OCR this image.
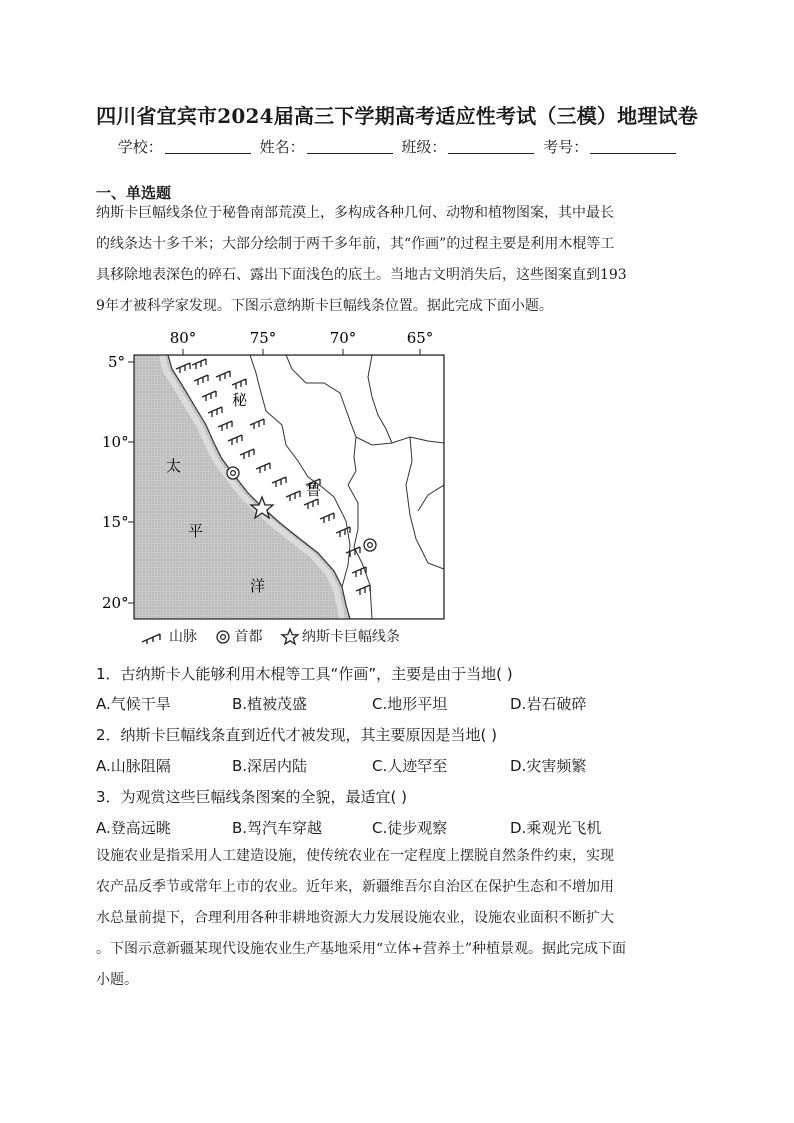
四川省宜宾市2024届高三下学期高考适应性考试（三模）地理试卷
学校：	姓名：	班级：	考号：
一、单选题
纳斯卡巨幅线条位于秘鲁南部荒漠上，多构成各种几何、动物和植物图案，其中最长
的线条达十多千米；大部分绘制于两千多年前，其“作画”的过程主要是利用木棍等工
具移除地表深色的碎石、露出下面浅色的底土。当地古文明消失后，这些图案直到193
9年才被科学家发现。下图示意纳斯卡巨幅线条位置。据此完成下面小题。
80°	75°	70°	65°
5°
10°
15°
20°
太
平
洋
秘
鲁
山脉	首都	纳斯卡巨幅线条
1．古纳斯卡人能够利用木棍等工具“作画”，主要是由于当地( )
A.气候干旱	B.植被茂盛	C.地形平坦	D.岩石破碎
2．纳斯卡巨幅线条直到近代才被发现，其主要原因是当地( )
A.山脉阻隔	B.深居内陆	C.人迹罕至	D.灾害频繁
3．为观赏这些巨幅线条图案的全貌，最适宜( )
A.登高远眺	B.驾汽车穿越	C.徒步观察	D.乘观光飞机
设施农业是指采用人工建造设施，使传统农业在一定程度上摆脱自然条件约束，实现
农产品反季节或常年上市的农业。近年来，新疆维吾尔自治区在保护生态和不增加用
水总量前提下，合理利用各种非耕地资源大力发展设施农业，设施农业面积不断扩大
。下图示意新疆某现代设施农业生产基地采用“立体+营养土”种植景观。据此完成下面
小题。
